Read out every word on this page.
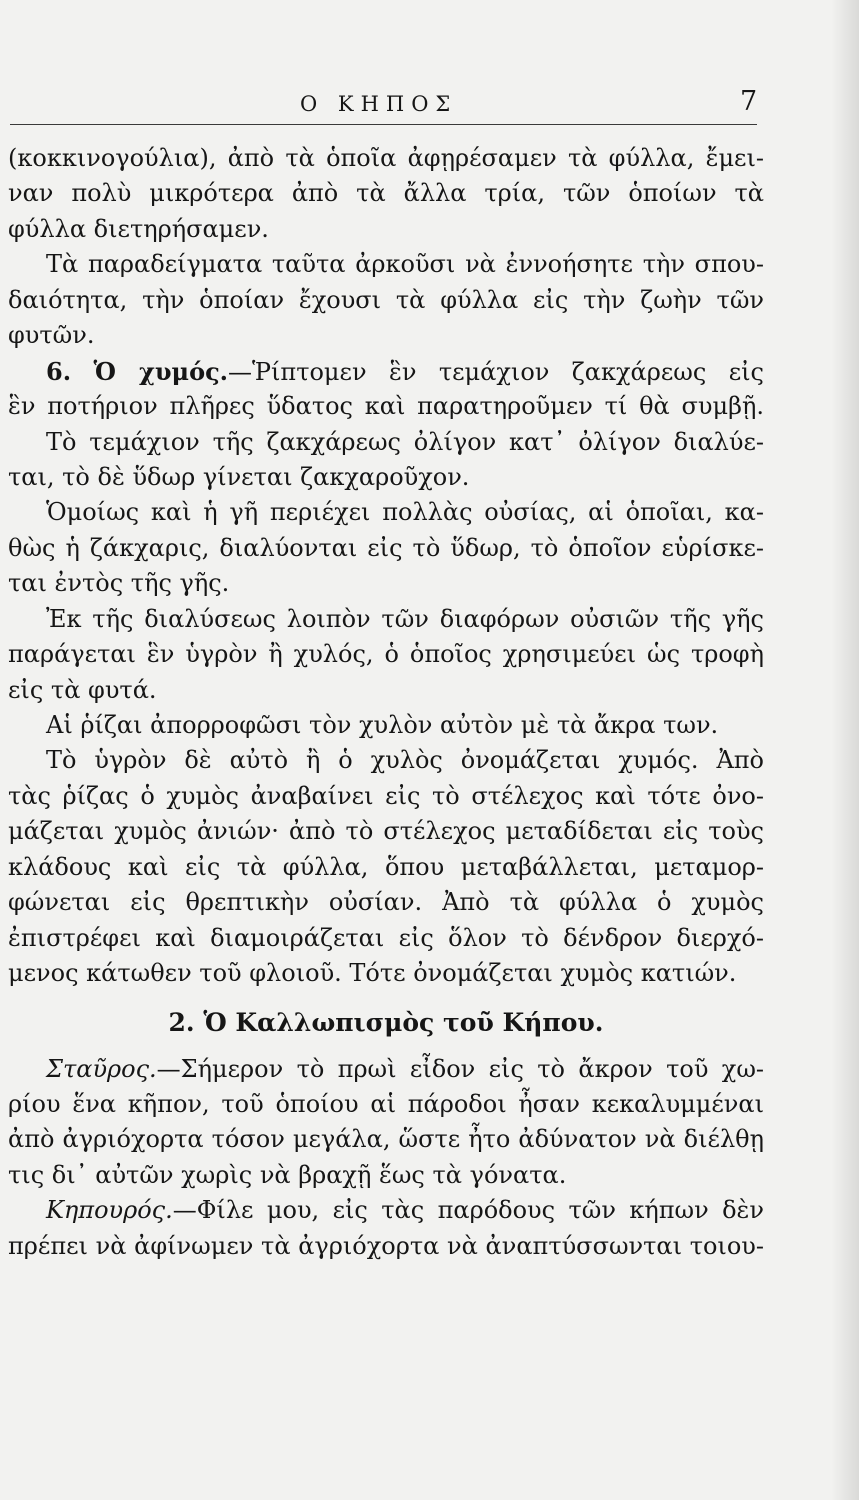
Ο ΚΗΠΟΣ	7
(κοκκινογούλια), ἀπὸ τὰ ὁποῖα ἀφῃρέσαμεν τὰ φύλλα, ἔμει-
ναν πολὺ μικρότερα ἀπὸ τὰ ἄλλα τρία, τῶν ὁποίων τὰ
φύλλα διετηρήσαμεν.
Τὰ παραδείγματα ταῦτα ἀρκοῦσι νὰ ἐννοήσητε τὴν σπου-
δαιότητα, τὴν ὁποίαν ἔχουσι τὰ φύλλα εἰς τὴν ζωὴν τῶν
φυτῶν.
6. Ὁ χυμός.—Ῥίπτομεν ἓν τεμάχιον ζακχάρεως εἰς
ἓν ποτήριον πλῆρες ὕδατος καὶ παρατηροῦμεν τί θὰ συμβῇ.
Τὸ τεμάχιον τῆς ζακχάρεως ὀλίγον κατ᾽ ὀλίγον διαλύε-
ται, τὸ δὲ ὕδωρ γίνεται ζακχαροῦχον.
Ὁμοίως καὶ ἡ γῆ περιέχει πολλὰς οὐσίας, αἱ ὁποῖαι, κα-
θὼς ἡ ζάκχαρις, διαλύονται εἰς τὸ ὕδωρ, τὸ ὁποῖον εὑρίσκε-
ται ἐντὸς τῆς γῆς.
Ἐκ τῆς διαλύσεως λοιπὸν τῶν διαφόρων οὐσιῶν τῆς γῆς
παράγεται ἓν ὑγρὸν ἢ χυλός, ὁ ὁποῖος χρησιμεύει ὡς τροφὴ
εἰς τὰ φυτά.
Αἱ ῥίζαι ἀπορροφῶσι τὸν χυλὸν αὐτὸν μὲ τὰ ἄκρα των.
Τὸ ὑγρὸν δὲ αὐτὸ ἢ ὁ χυλὸς ὀνομάζεται χυμός. Ἀπὸ
τὰς ῥίζας ὁ χυμὸς ἀναβαίνει εἰς τὸ στέλεχος καὶ τότε ὀνο-
μάζεται χυμὸς ἀνιών· ἀπὸ τὸ στέλεχος μεταδίδεται εἰς τοὺς
κλάδους καὶ εἰς τὰ φύλλα, ὅπου μεταβάλλεται, μεταμορ-
φώνεται εἰς θρεπτικὴν οὐσίαν. Ἀπὸ τὰ φύλλα ὁ χυμὸς
ἐπιστρέφει καὶ διαμοιράζεται εἰς ὅλον τὸ δένδρον διερχό-
μενος κάτωθεν τοῦ φλοιοῦ. Τότε ὀνομάζεται χυμὸς κατιών.
2. Ὁ Καλλωπισμὸς τοῦ Κήπου.
Σταῦρος.—Σήμερον τὸ πρωὶ εἶδον εἰς τὸ ἄκρον τοῦ χω-
ρίου ἕνα κῆπον, τοῦ ὁποίου αἱ πάροδοι ἦσαν κεκαλυμμέναι
ἀπὸ ἀγριόχορτα τόσον μεγάλα, ὥστε ἦτο ἀδύνατον νὰ διέλθῃ
τις δι᾽ αὐτῶν χωρὶς νὰ βραχῇ ἕως τὰ γόνατα.
Κηπουρός.—Φίλε μου, εἰς τὰς παρόδους τῶν κήπων δὲν
πρέπει νὰ ἀφίνωμεν τὰ ἀγριόχορτα νὰ ἀναπτύσσωνται τοιου-
